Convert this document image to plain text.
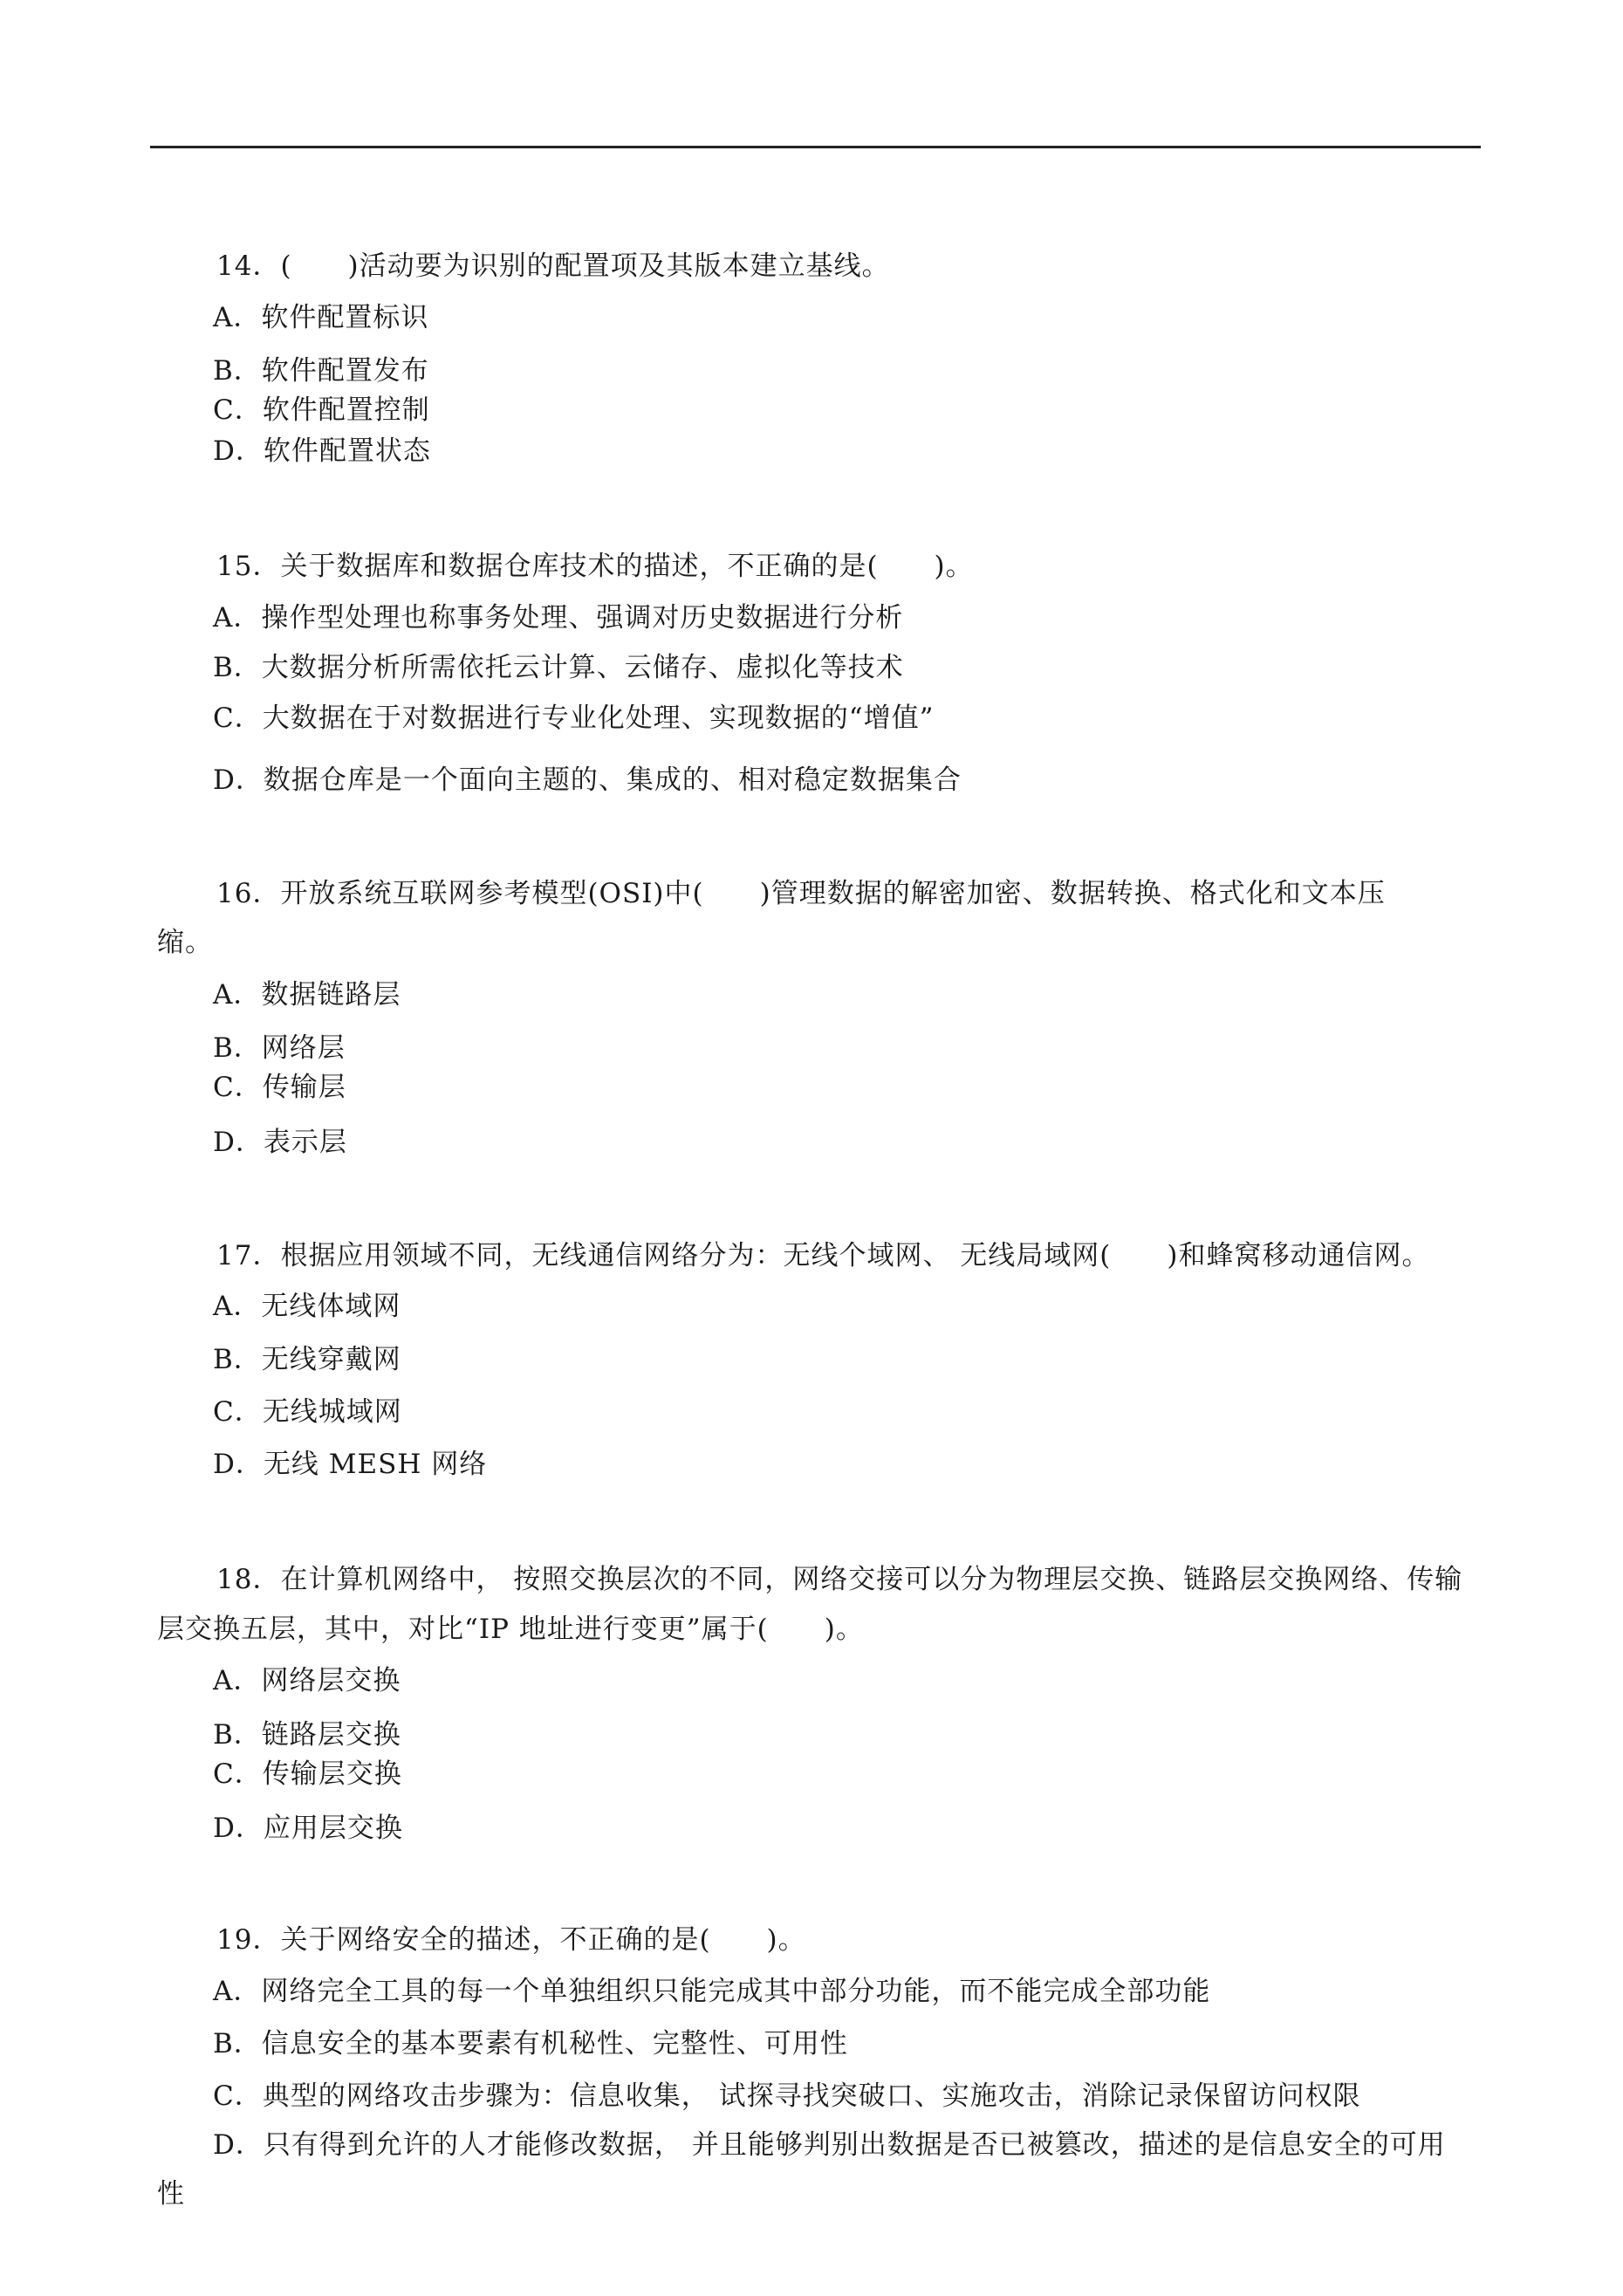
14．(　　)活动要为识别的配置项及其版本建立基线。
A．软件配置标识
B．软件配置发布
C．软件配置控制
D．软件配置状态
15．关于数据库和数据仓库技术的描述，不正确的是(　　)。
A．操作型处理也称事务处理、强调对历史数据进行分析
B．大数据分析所需依托云计算、云储存、虚拟化等技术
C．大数据在于对数据进行专业化处理、实现数据的“增值”
D．数据仓库是一个面向主题的、集成的、相对稳定数据集合
16．开放系统互联网参考模型(OSI)中(　　)管理数据的解密加密、数据转换、格式化和文本压
缩。
A．数据链路层
B．网络层
C．传输层
D．表示层
17．根据应用领域不同，无线通信网络分为：无线个域网、 无线局域网(　　)和蜂窝移动通信网。
A．无线体域网
B．无线穿戴网
C．无线城域网
D．无线 MESH 网络
18．在计算机网络中， 按照交换层次的不同，网络交接可以分为物理层交换、链路层交换网络、传输
层交换五层，其中，对比“IP 地址进行变更”属于(　　)。
A．网络层交换
B．链路层交换
C．传输层交换
D．应用层交换
19．关于网络安全的描述，不正确的是(　　)。
A．网络完全工具的每一个单独组织只能完成其中部分功能，而不能完成全部功能
B．信息安全的基本要素有机秘性、完整性、可用性
C．典型的网络攻击步骤为：信息收集， 试探寻找突破口、实施攻击，消除记录保留访问权限
D．只有得到允许的人才能修改数据， 并且能够判别出数据是否已被篡改，描述的是信息安全的可用
性
